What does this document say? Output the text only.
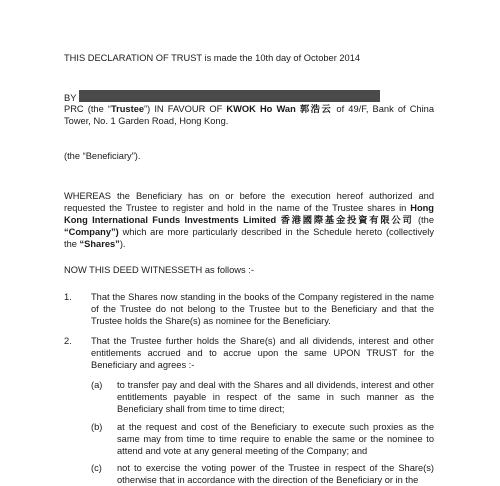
THIS DECLARATION OF TRUST is made the 10th day of October 2014
BY
PRC (the “Trustee”) IN FAVOUR OF KWOK Ho Wan 郭浩云 of 49/F, Bank of China Tower, No. 1 Garden Road, Hong Kong.
(the “Beneficiary”).
WHEREAS the Beneficiary has on or before the execution hereof authorized and requested the Trustee to register and hold in the name of the Trustee shares in Hong Kong International Funds Investments Limited 香港國際基金投資有限公司 (the “Company”) which are more particularly described in the Schedule hereto (collectively the “Shares”).
NOW THIS DEED WITNESSETH as follows :-
1. That the Shares now standing in the books of the Company registered in the name of the Trustee do not belong to the Trustee but to the Beneficiary and that the Trustee holds the Share(s) as nominee for the Beneficiary.
2. That the Trustee further holds the Share(s) and all dividends, interest and other entitlements accrued and to accrue upon the same UPON TRUST for the Beneficiary and agrees :-
(a) to transfer pay and deal with the Shares and all dividends, interest and other entitlements payable in respect of the same in such manner as the Beneficiary shall from time to time direct;
(b) at the request and cost of the Beneficiary to execute such proxies as the same may from time to time require to enable the same or the nominee to attend and vote at any general meeting of the Company; and
(c) not to exercise the voting power of the Trustee in respect of the Share(s) otherwise that in accordance with the direction of the Beneficiary or in the
